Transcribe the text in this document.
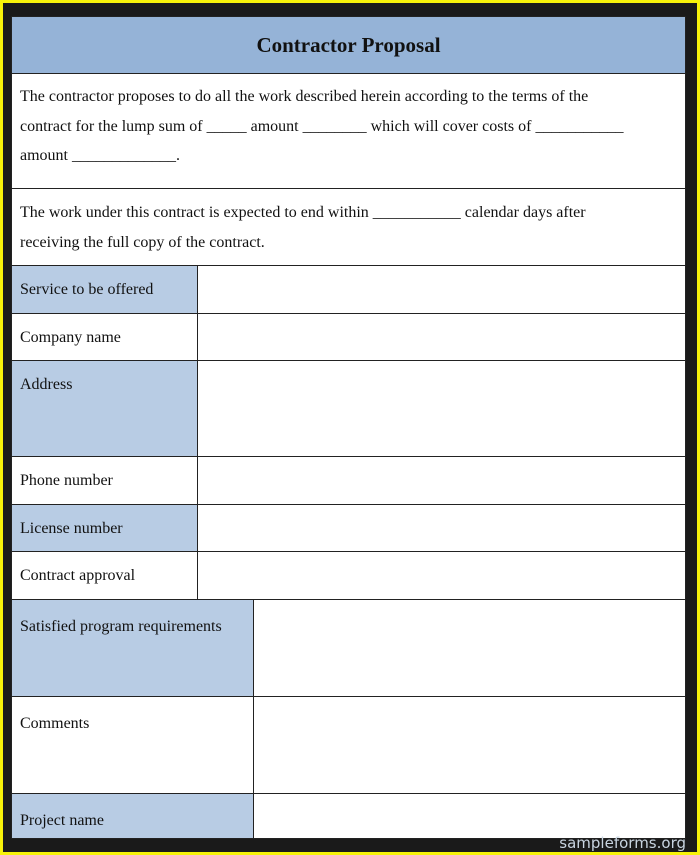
Contractor Proposal
The contractor proposes to do all the work described herein according to the terms of the
contract for the lump sum of _____ amount ________ which will cover costs of ___________
amount _____________.
The work under this contract is expected to end within ___________ calendar days after
receiving the full copy of the contract.
Service to be offered
Company name
Address
Phone number
License number
Contract approval
Satisfied program requirements
Comments
Project name
sampleforms.org
